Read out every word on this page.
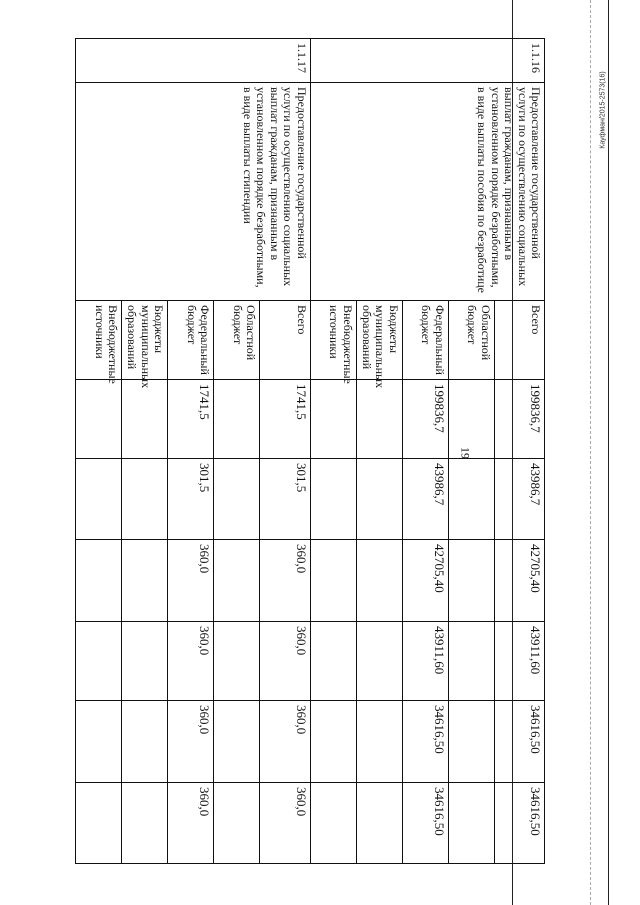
19
Кауфман/2015-2573(16)
1.1.16	Предоставление государственной услуги по осуществлению социальных выплат гражданам, признанным в установленном порядке безработными, в виде выплаты пособия по безработице	Всего	199836,7	43986,7	42705,40	43911,60	34616,50	34616,50
		Областной бюджет						
		Федеральный бюджет	199836,7	43986,7	42705,40	43911,60	34616,50	34616,50
		Бюджеты муниципальных образований						
		Внебюджетные источники						
1.1.17	Предоставление государственной услуги по осуществлению социальных выплат гражданам, признанным в установленном порядке безработными, в виде выплаты стипендии	Всего	1741,5	301,5	360,0	360,0	360,0	360,0
		Областной бюджет						
		Федеральный бюджет	1741,5	301,5	360,0	360,0	360,0	360,0
		Бюджеты муниципальных образований						
		Внебюджетные источники						
